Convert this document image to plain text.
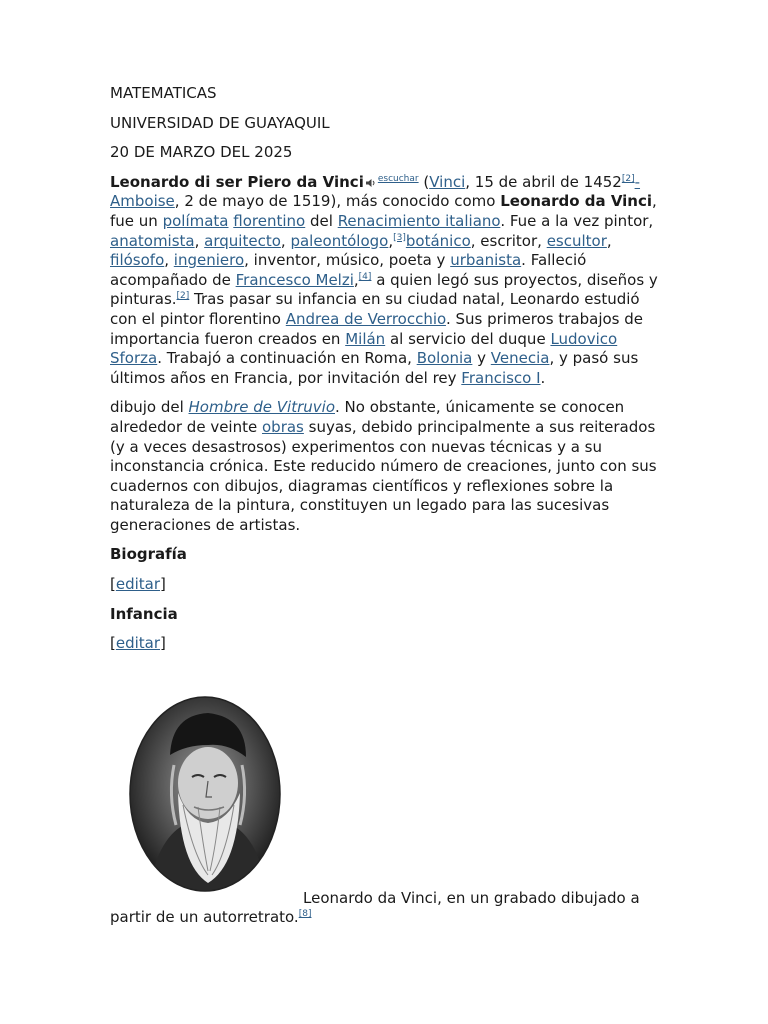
MATEMATICAS

UNIVERSIDAD DE GUAYAQUIL

20 DE MARZO DEL 2025

Leonardo di ser Piero da Vinci $^{escuchar}$ (Vinci, 15 de abril de 1452[2]-
Amboise, 2 de mayo de 1519), más conocido como Leonardo da Vinci, fue un polímata florentino del Renacimiento italiano. Fue a la vez pintor, anatomista, arquitecto, paleontólogo,[3]botánico, escritor, escultor, filósofo, ingeniero, inventor, músico, poeta y urbanista. Falleció acompañado de Francesco Melzi,[4] a quien legó sus proyectos, diseños y pinturas.[2] Tras pasar su infancia en su ciudad natal, Leonardo estudió con el pintor florentino Andrea de Verrocchio. Sus primeros trabajos de importancia fueron creados en Milán al servicio del duque Ludovico Sforza. Trabajó a continuación en Roma, Bolonia y Venecia, y pasó sus últimos años en Francia, por invitación del rey Francisco I.

dibujo del Hombre de Vitruvio. No obstante, únicamente se conocen alrededor de veinte obras suyas, debido principalmente a sus reiterados (y a veces desastrosos) experimentos con nuevas técnicas y a su inconstancia crónica. Este reducido número de creaciones, junto con sus cuadernos con dibujos, diagramas científicos y reflexiones sobre la naturaleza de la pintura, constituyen un legado para las sucesivas generaciones de artistas.

Biografía

[editar]

Infancia

[editar]

Leonardo da Vinci, en un grabado dibujado a
partir de un autorretrato.[8]
